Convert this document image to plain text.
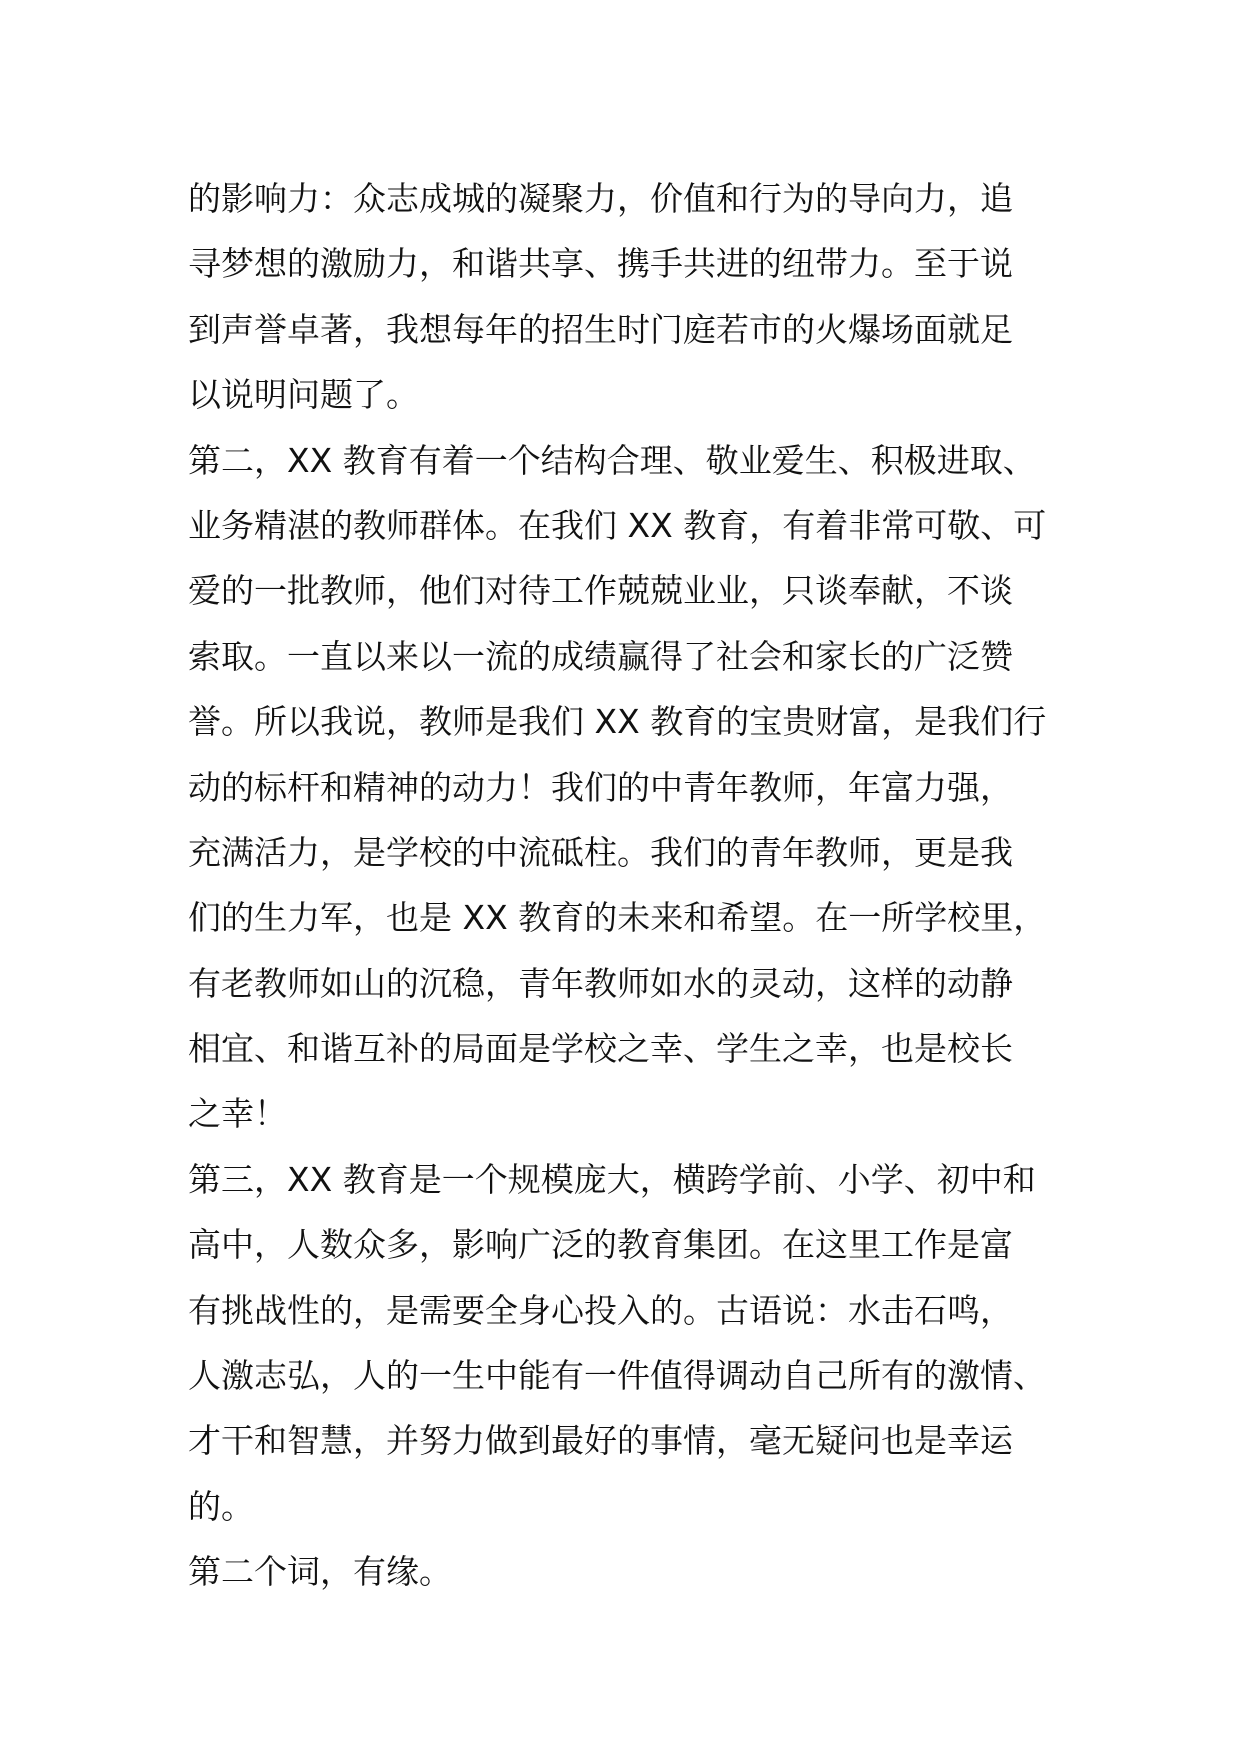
的影响力：众志成城的凝聚力，价值和行为的导向力，追
寻梦想的激励力，和谐共享、携手共进的纽带力。至于说
到声誉卓著，我想每年的招生时门庭若市的火爆场面就足
以说明问题了。
第二，XX 教育有着一个结构合理、敬业爱生、积极进取、
业务精湛的教师群体。在我们 XX 教育，有着非常可敬、可
爱的一批教师，他们对待工作兢兢业业，只谈奉献，不谈
索取。一直以来以一流的成绩赢得了社会和家长的广泛赞
誉。所以我说，教师是我们 XX 教育的宝贵财富，是我们行
动的标杆和精神的动力！我们的中青年教师，年富力强，
充满活力，是学校的中流砥柱。我们的青年教师，更是我
们的生力军，也是 XX 教育的未来和希望。在一所学校里，
有老教师如山的沉稳，青年教师如水的灵动，这样的动静
相宜、和谐互补的局面是学校之幸、学生之幸，也是校长
之幸！
第三，XX 教育是一个规模庞大，横跨学前、小学、初中和
高中，人数众多，影响广泛的教育集团。在这里工作是富
有挑战性的，是需要全身心投入的。古语说：水击石鸣，
人激志弘，人的一生中能有一件值得调动自己所有的激情、
才干和智慧，并努力做到最好的事情，毫无疑问也是幸运
的。
第二个词，有缘。
